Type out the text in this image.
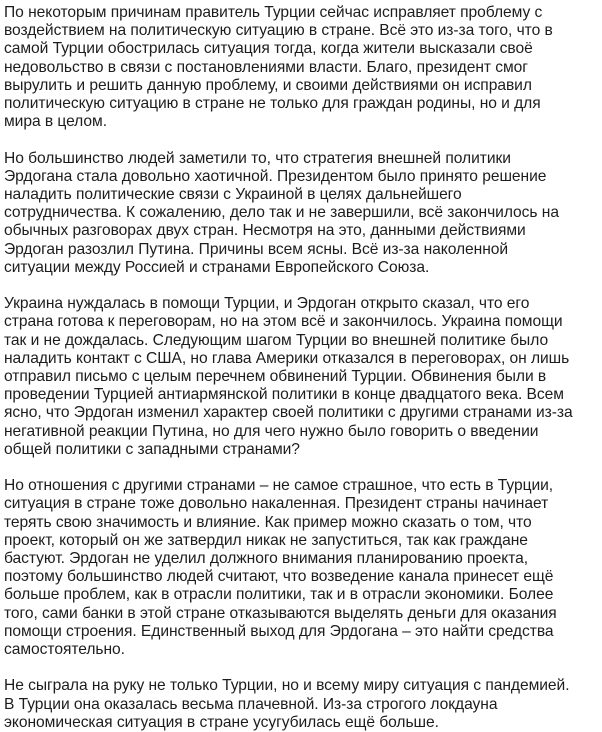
По некоторым причинам правитель Турции сейчас исправляет проблему с
воздействием на политическую ситуацию в стране. Всё это из-за того, что в
самой Турции обострилась ситуация тогда, когда жители высказали своё
недовольство в связи с постановлениями власти. Благо, президент смог
вырулить и решить данную проблему, и своими действиями он исправил
политическую ситуацию в стране не только для граждан родины, но и для
мира в целом.

Но большинство людей заметили то, что стратегия внешней политики
Эрдогана стала довольно хаотичной. Президентом было принято решение
наладить политические связи с Украиной в целях дальнейшего
сотрудничества. К сожалению, дело так и не завершили, всё закончилось на
обычных разговорах двух стран. Несмотря на это, данными действиями
Эрдоган разозлил Путина. Причины всем ясны. Всё из-за наколенной
ситуации между Россией и странами Европейского Союза.

Украина нуждалась в помощи Турции, и Эрдоган открыто сказал, что его
страна готова к переговорам, но на этом всё и закончилось. Украина помощи
так и не дождалась. Следующим шагом Турции во внешней политике было
наладить контакт с США, но глава Америки отказался в переговорах, он лишь
отправил письмо с целым перечнем обвинений Турции. Обвинения были в
проведении Турцией антиармянской политики в конце двадцатого века. Всем
ясно, что Эрдоган изменил характер своей политики с другими странами из-за
негативной реакции Путина, но для чего нужно было говорить о введении
общей политики с западными странами?

Но отношения с другими странами – не самое страшное, что есть в Турции,
ситуация в стране тоже довольно накаленная. Президент страны начинает
терять свою значимость и влияние. Как пример можно сказать о том, что
проект, который он же затвердил никак не запуститься, так как граждане
бастуют. Эрдоган не уделил должного внимания планированию проекта,
поэтому большинство людей считают, что возведение канала принесет ещё
больше проблем, как в отрасли политики, так и в отрасли экономики. Более
того, сами банки в этой стране отказываются выделять деньги для оказания
помощи строения. Единственный выход для Эрдогана – это найти средства
самостоятельно.

Не сыграла на руку не только Турции, но и всему миру ситуация с пандемией.
В Турции она оказалась весьма плачевной. Из-за строгого локдауна
экономическая ситуация в стране усугубилась ещё больше.
